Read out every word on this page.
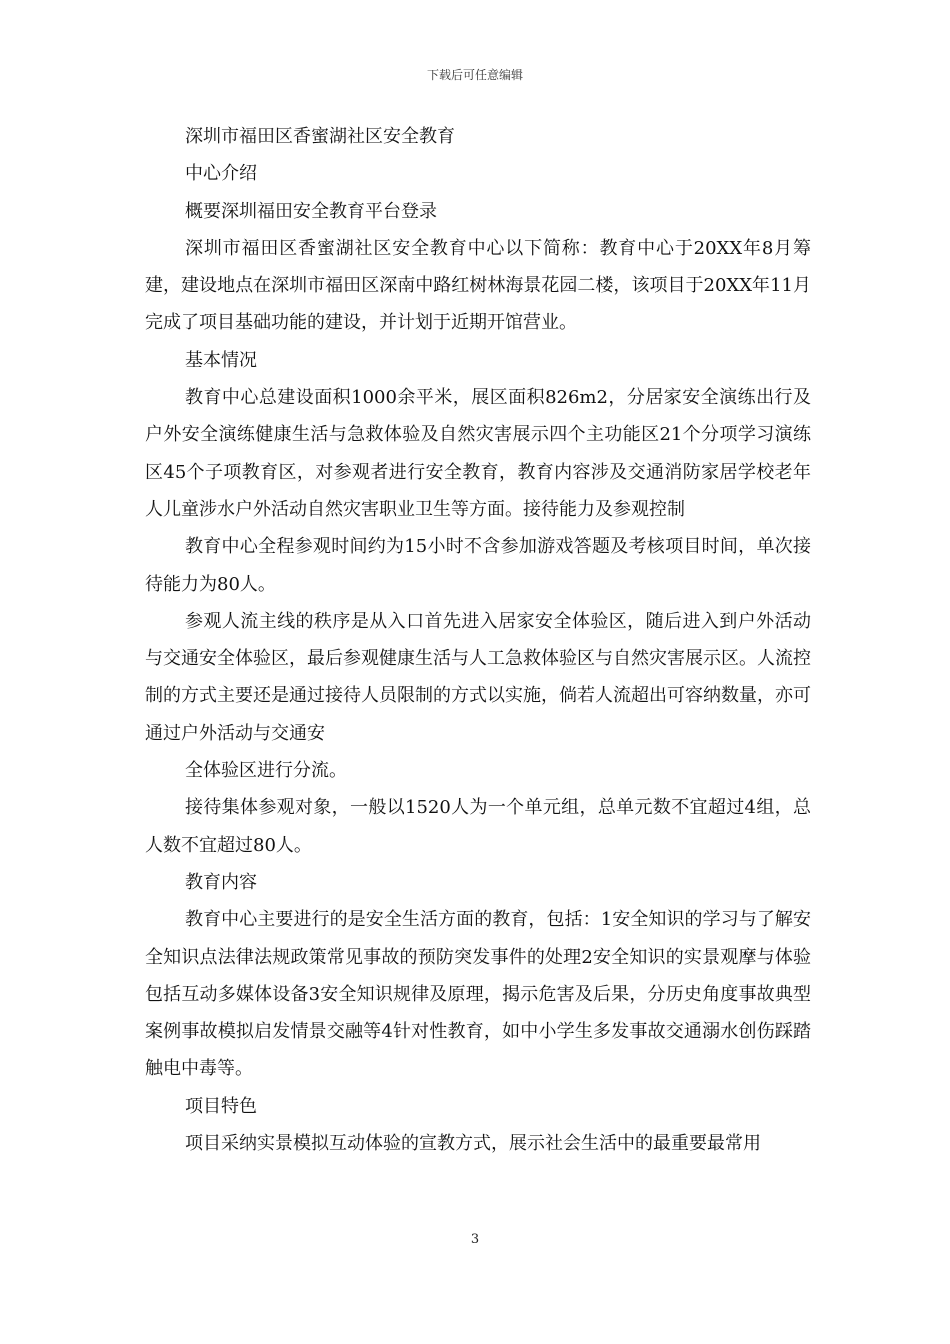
下载后可任意编辑

深圳市福田区香蜜湖社区安全教育

中心介绍

概要深圳福田安全教育平台登录

深圳市福田区香蜜湖社区安全教育中心以下简称：教育中心于20XX年8月筹建，建设地点在深圳市福田区深南中路红树林海景花园二楼，该项目于20XX年11月完成了项目基础功能的建设，并计划于近期开馆营业。

基本情况

教育中心总建设面积1000余平米，展区面积826m2，分居家安全演练出行及户外安全演练健康生活与急救体验及自然灾害展示四个主功能区21个分项学习演练区45个子项教育区，对参观者进行安全教育，教育内容涉及交通消防家居学校老年人儿童涉水户外活动自然灾害职业卫生等方面。接待能力及参观控制

教育中心全程参观时间约为15小时不含参加游戏答题及考核项目时间，单次接待能力为80人。

参观人流主线的秩序是从入口首先进入居家安全体验区，随后进入到户外活动与交通安全体验区，最后参观健康生活与人工急救体验区与自然灾害展示区。人流控制的方式主要还是通过接待人员限制的方式以实施，倘若人流超出可容纳数量，亦可通过户外活动与交通安

全体验区进行分流。

接待集体参观对象，一般以1520人为一个单元组，总单元数不宜超过4组，总人数不宜超过80人。

教育内容

教育中心主要进行的是安全生活方面的教育，包括：1安全知识的学习与了解安全知识点法律法规政策常见事故的预防突发事件的处理2安全知识的实景观摩与体验包括互动多媒体设备3安全知识规律及原理，揭示危害及后果，分历史角度事故典型案例事故模拟启发情景交融等4针对性教育，如中小学生多发事故交通溺水创伤踩踏触电中毒等。

项目特色

项目采纳实景模拟互动体验的宣教方式，展示社会生活中的最重要最常用

3
